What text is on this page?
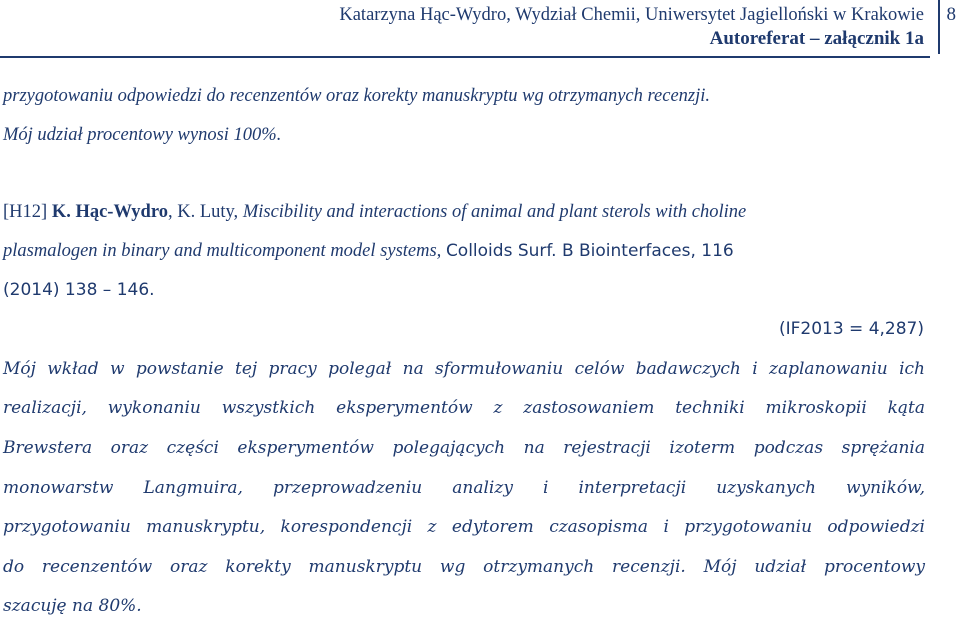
Katarzyna Hąc-Wydro, Wydział Chemii, Uniwersytet Jagielloński w Krakowie
Autoreferat – załącznik 1a
8
przygotowaniu odpowiedzi do recenzentów oraz korekty manuskryptu wg otrzymanych recenzji.
Mój udział procentowy wynosi 100%.
[H12] K. Hąc-Wydro, K. Luty, Miscibility and interactions of animal and plant sterols with choline
plasmalogen in binary and multicomponent model systems, Colloids Surf. B Biointerfaces, 116
(2014) 138 – 146.
(IF2013 = 4,287)
Mój wkład w powstanie tej pracy polegał na sformułowaniu celów badawczych i zaplanowaniu ich
realizacji, wykonaniu wszystkich eksperymentów z zastosowaniem techniki mikroskopii kąta
Brewstera oraz części eksperymentów polegających na rejestracji izoterm podczas sprężania
monowarstw Langmuira, przeprowadzeniu analizy i interpretacji uzyskanych wyników,
przygotowaniu manuskryptu, korespondencji z edytorem czasopisma i przygotowaniu odpowiedzi
do recenzentów oraz korekty manuskryptu wg otrzymanych recenzji. Mój udział procentowy
szacuję na 80%.
